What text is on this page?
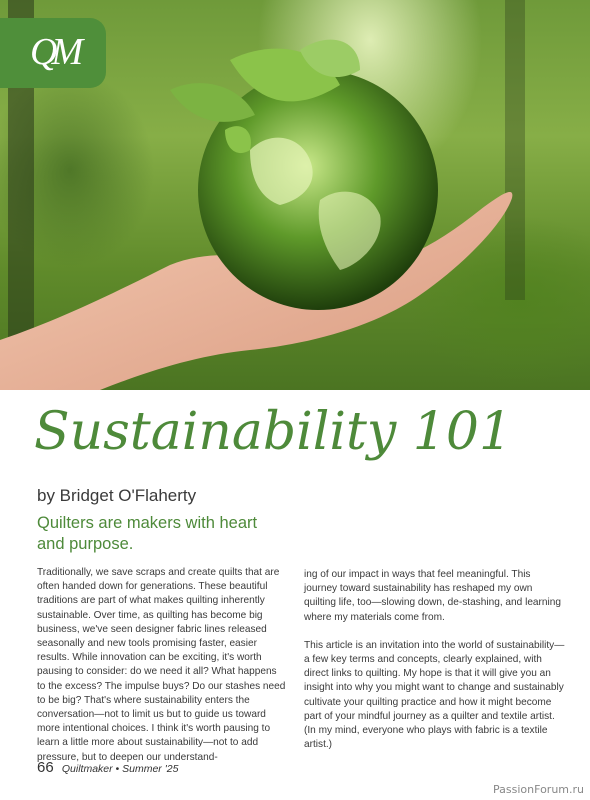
QM
Sustainability 101
by Bridget O'Flaherty
Quilters are makers with heart and purpose.

Traditionally, we save scraps and create quilts that are often handed down for generations. These beautiful traditions are part of what makes quilting inherently sustainable. Over time, as quilting has become big business, we've seen designer fabric lines released seasonally and new tools promising faster, easier results. While innovation can be exciting, it's worth pausing to consider: do we need it all? What happens to the excess? The impulse buys? Do our stashes need to be big? That's where sustainability enters the conversation—not to limit us but to guide us toward more intentional choices. I think it's worth pausing to learn a little more about sustainability—not to add pressure, but to deepen our understand-

ing of our impact in ways that feel meaningful. This journey toward sustainability has reshaped my own quilting life, too—slowing down, de-stashing, and learning where my materials come from.

This article is an invitation into the world of sustainability—a few key terms and concepts, clearly explained, with direct links to quilting. My hope is that it will give you an insight into why you might want to change and sustainably cultivate your quilting practice and how it might become part of your mindful journey as a quilter and textile artist. (In my mind, everyone who plays with fabric is a textile artist.)

66 Quiltmaker • Summer '25
PassionForum.ru
